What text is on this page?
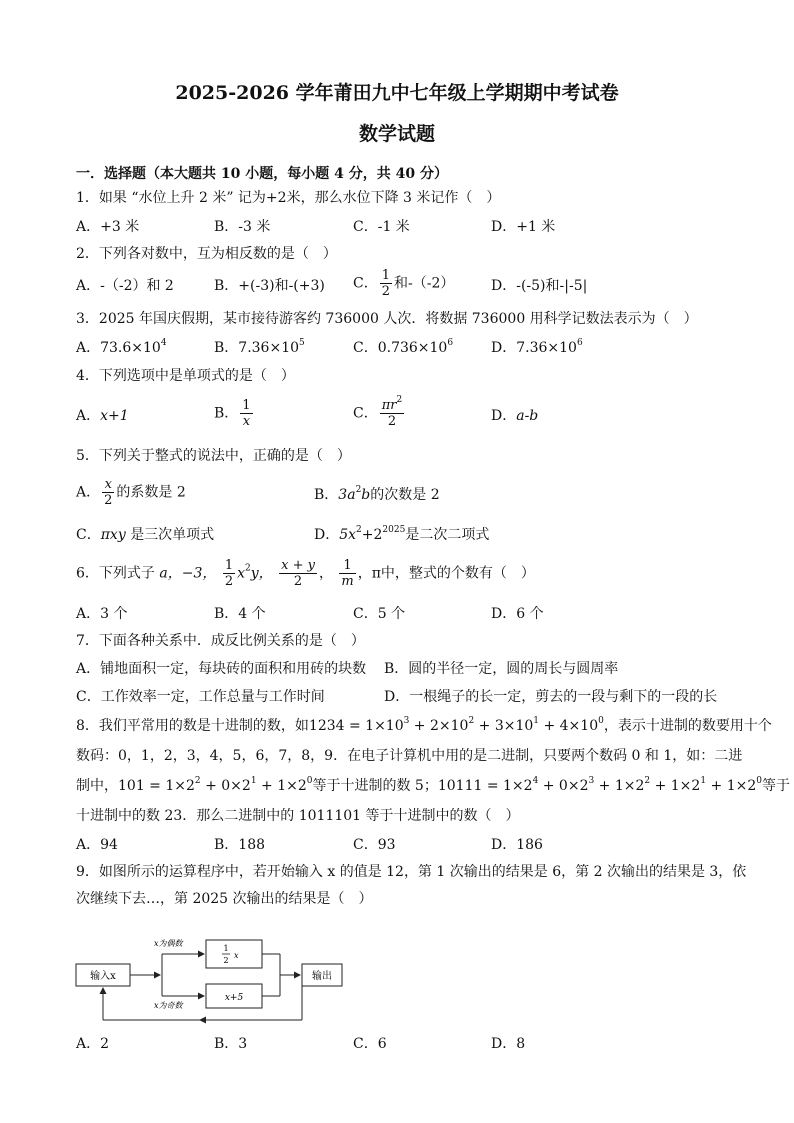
2025-2026 学年莆田九中七年级上学期期中考试卷
数学试题
一．选择题（本大题共 10 小题，每小题 4 分，共 40 分）
1．如果 “水位上升 2 米” 记为+2米，那么水位下降 3 米记作（　）
A．+3 米	B．-3 米	C．-1 米	D．+1 米
2．下列各对数中，互为相反数的是（　）
A．-（-2）和 2	B．+(-3)和-(+3) C． $\frac{1}{2}$ 和-（-2）	D．-(-5)和-|-5|
3．2025 年国庆假期，某市接待游客约 736000 人次．将数据 736000 用科学记数法表示为（　）
A．$73.6\times 10^4$	B．$7.36\times 10^5$	C．$0.736\times 10^6$	D．$7.36\times 10^6$
4．下列选项中是单项式的是（　）
A．x+1	B． $\frac{1}{x}$	C． $\frac{\pi r^2}{2}$	D．a-b
5．下列关于整式的说法中，正确的是（　）
A． $\frac{x}{2}$ 的系数是 2	B．$3a^2b$的次数是 2
C．πxy 是三次单项式	D．$5x^2+2^{2025}$是二次二项式
6．下列式子 a，−3， $\frac{1}{2} x^2y$， $\frac{x + y}{2}$ ， $\frac{1}{m}$ ，π中，整式的个数有（　）
A．3 个	B．4 个	C．5 个	D．6 个
7．下面各种关系中．成反比例关系的是（　）
A．铺地面积一定，每块砖的面积和用砖的块数 B．圆的半径一定，圆的周长与圆周率
C．工作效率一定，工作总量与工作时间	D．一根绳子的长一定，剪去的一段与剩下的一段的长
8．我们平常用的数是十进制的数，如$1234 = 1\times 10^3 + 2\times 10^2 + 3\times 10^1 + 4\times 10^0$，表示十进制的数要用十个
数码：0，1，2，3，4，5，6，7，8，9．在电子计算机中用的是二进制，只要两个数码 0 和 1，如：二进
制中，$101 = 1\times 2^2 + 0\times 2^1 + 1\times 2^0$等于十进制的数 5；$10111 = 1\times 2^4 + 0\times 2^3 + 1\times 2^2 + 1\times 2^1 + 1\times 2^0$等于
十进制中的数 23．那么二进制中的 1011101 等于十进制中的数（　）
A．94	B．188	C．93	D．186
9．如图所示的运算程序中，若开始输入 x 的值是 12，第 1 次输出的结果是 6，第 2 次输出的结果是 3，依
次继续下去…，第 2025 次输出的结果是（　）
输入x
x为偶数
x为奇数
1
2
x
x+5
输出
A．2	B．3	C．6	D．8
